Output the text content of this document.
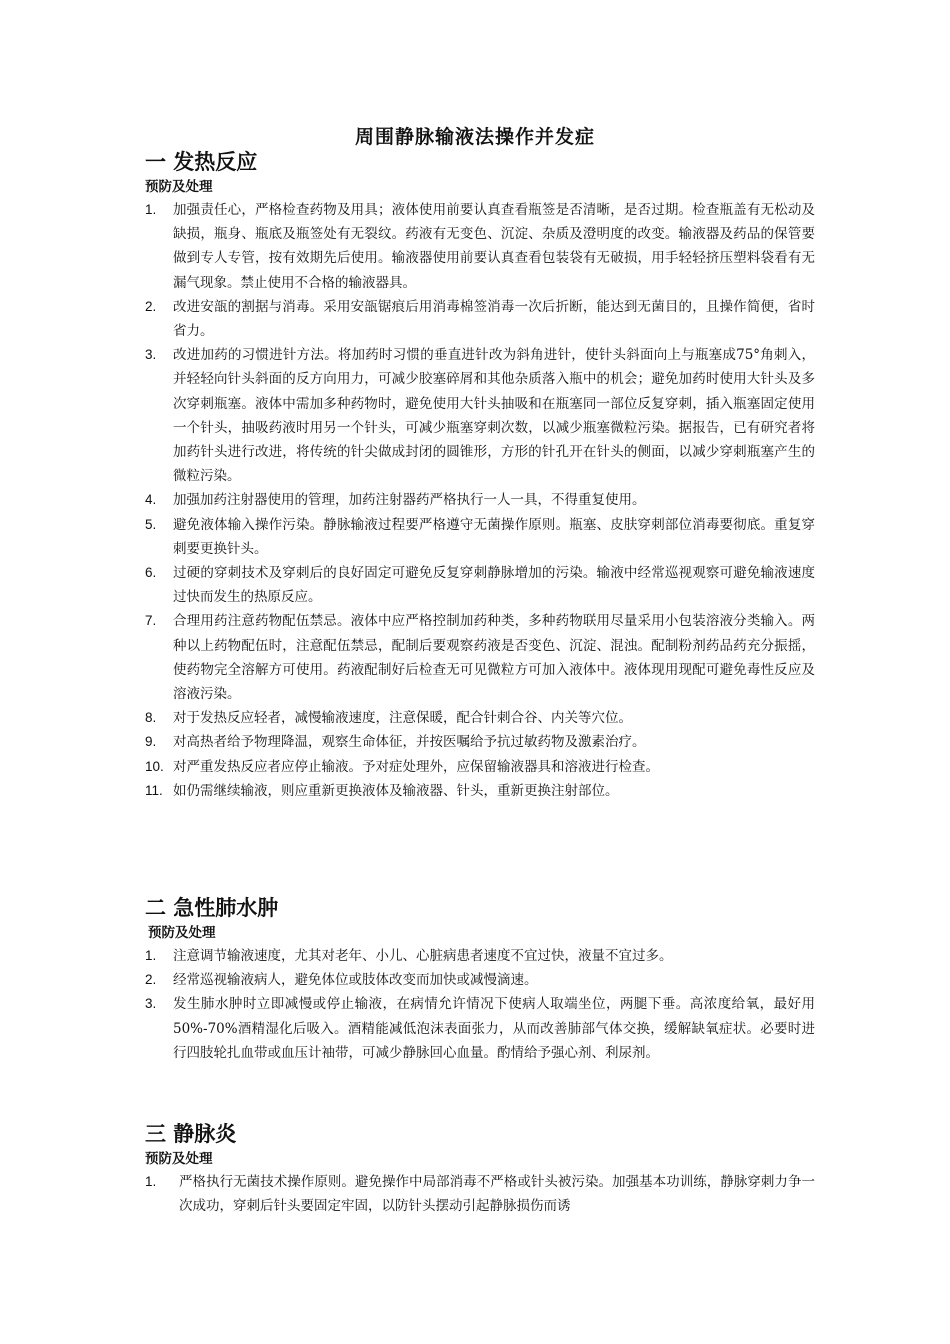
周围静脉输液法操作并发症
一 发热反应
预防及处理
1. 加强责任心，严格检查药物及用具；液体使用前要认真查看瓶签是否清晰，是否过期。检查瓶盖有无松动及缺损，瓶身、瓶底及瓶签处有无裂纹。药液有无变色、沉淀、杂质及澄明度的改变。输液器及药品的保管要做到专人专管，按有效期先后使用。输液器使用前要认真查看包装袋有无破损，用手轻轻挤压塑料袋看有无漏气现象。禁止使用不合格的输液器具。
2. 改进安瓿的割据与消毒。采用安瓿锯痕后用消毒棉签消毒一次后折断，能达到无菌目的，且操作简便，省时省力。
3. 改进加药的习惯进针方法。将加药时习惯的垂直进针改为斜角进针，使针头斜面向上与瓶塞成75°角刺入，并轻轻向针头斜面的反方向用力，可减少胶塞碎屑和其他杂质落入瓶中的机会；避免加药时使用大针头及多次穿刺瓶塞。液体中需加多种药物时，避免使用大针头抽吸和在瓶塞同一部位反复穿刺，插入瓶塞固定使用一个针头，抽吸药液时用另一个针头，可减少瓶塞穿刺次数，以减少瓶塞微粒污染。据报告，已有研究者将加药针头进行改进，将传统的针尖做成封闭的圆锥形，方形的针孔开在针头的侧面，以减少穿刺瓶塞产生的微粒污染。
4. 加强加药注射器使用的管理，加药注射器药严格执行一人一具，不得重复使用。
5. 避免液体输入操作污染。静脉输液过程要严格遵守无菌操作原则。瓶塞、皮肤穿刺部位消毒要彻底。重复穿刺要更换针头。
6. 过硬的穿刺技术及穿刺后的良好固定可避免反复穿刺静脉增加的污染。输液中经常巡视观察可避免输液速度过快而发生的热原反应。
7. 合理用药注意药物配伍禁忌。液体中应严格控制加药种类，多种药物联用尽量采用小包装溶液分类输入。两种以上药物配伍时，注意配伍禁忌，配制后要观察药液是否变色、沉淀、混浊。配制粉剂药品药充分振摇，使药物完全溶解方可使用。药液配制好后检查无可见微粒方可加入液体中。液体现用现配可避免毒性反应及溶液污染。
8. 对于发热反应轻者，减慢输液速度，注意保暖，配合针刺合谷、内关等穴位。
9. 对高热者给予物理降温，观察生命体征，并按医嘱给予抗过敏药物及激素治疗。
10. 对严重发热反应者应停止输液。予对症处理外，应保留输液器具和溶液进行检查。
11. 如仍需继续输液，则应重新更换液体及输液器、针头，重新更换注射部位。
二 急性肺水肿
预防及处理
1. 注意调节输液速度，尤其对老年、小儿、心脏病患者速度不宜过快，液量不宜过多。
2. 经常巡视输液病人，避免体位或肢体改变而加快或减慢滴速。
3. 发生肺水肿时立即减慢或停止输液，在病情允许情况下使病人取端坐位，两腿下垂。高浓度给氧，最好用50%-70%酒精湿化后吸入。酒精能减低泡沫表面张力，从而改善肺部气体交换，缓解缺氧症状。必要时进行四肢轮扎血带或血压计袖带，可减少静脉回心血量。酌情给予强心剂、利尿剂。
三 静脉炎
预防及处理
1. 严格执行无菌技术操作原则。避免操作中局部消毒不严格或针头被污染。加强基本功训练，静脉穿刺力争一次成功，穿刺后针头要固定牢固，以防针头摆动引起静脉损伤而诱
